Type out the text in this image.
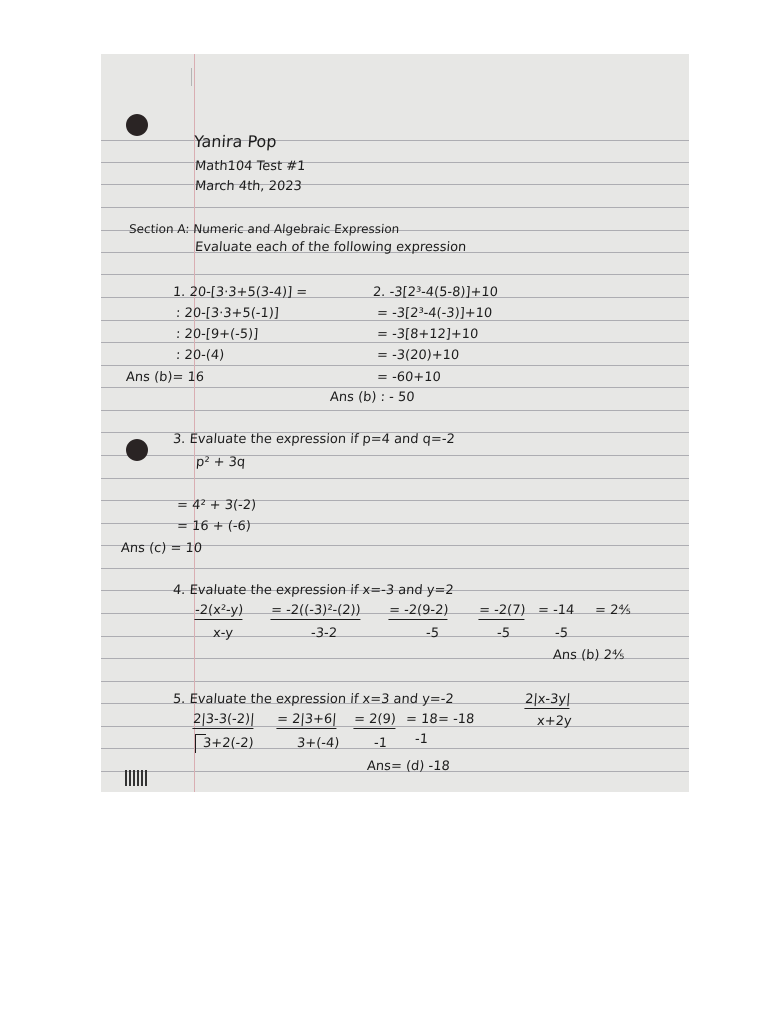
Yanira Pop
Math104 Test #1
March 4th, 2023
Section A: Numeric and Algebraic Expression
Evaluate each of the following expression
1. 20-[3·3+5(3-4)] =
: 20-[3·3+5(-1)]
: 20-[9+(-5)]
: 20-(4)
Ans (b)= 16
2. -3[2³-4(5-8)]+10
= -3[2³-4(-3)]+10
= -3[8+12]+10
= -3(20)+10
= -60+10
Ans (b) : - 50
3. Evaluate the expression if p=4 and q=-2
p² + 3q
= 4² + 3(-2)
= 16 + (-6)
Ans (c) = 10
4. Evaluate the expression if x=-3 and y=2
-2(x²-y) = -2((-3)²-(2)) = -2(9-2) = -2(7) = -14 = 2⅘
x-y	-3-2	-5	-5	-5
Ans (b) 2⅘
5. Evaluate the expression if x=3 and y=-2	2|x-3y|
x+2y
2|3-3(-2)| = 2|3+6| = 2(9) = 18 = -18
3+2(-2)	3+(-4)	-1 -1
Ans= (d) -18
